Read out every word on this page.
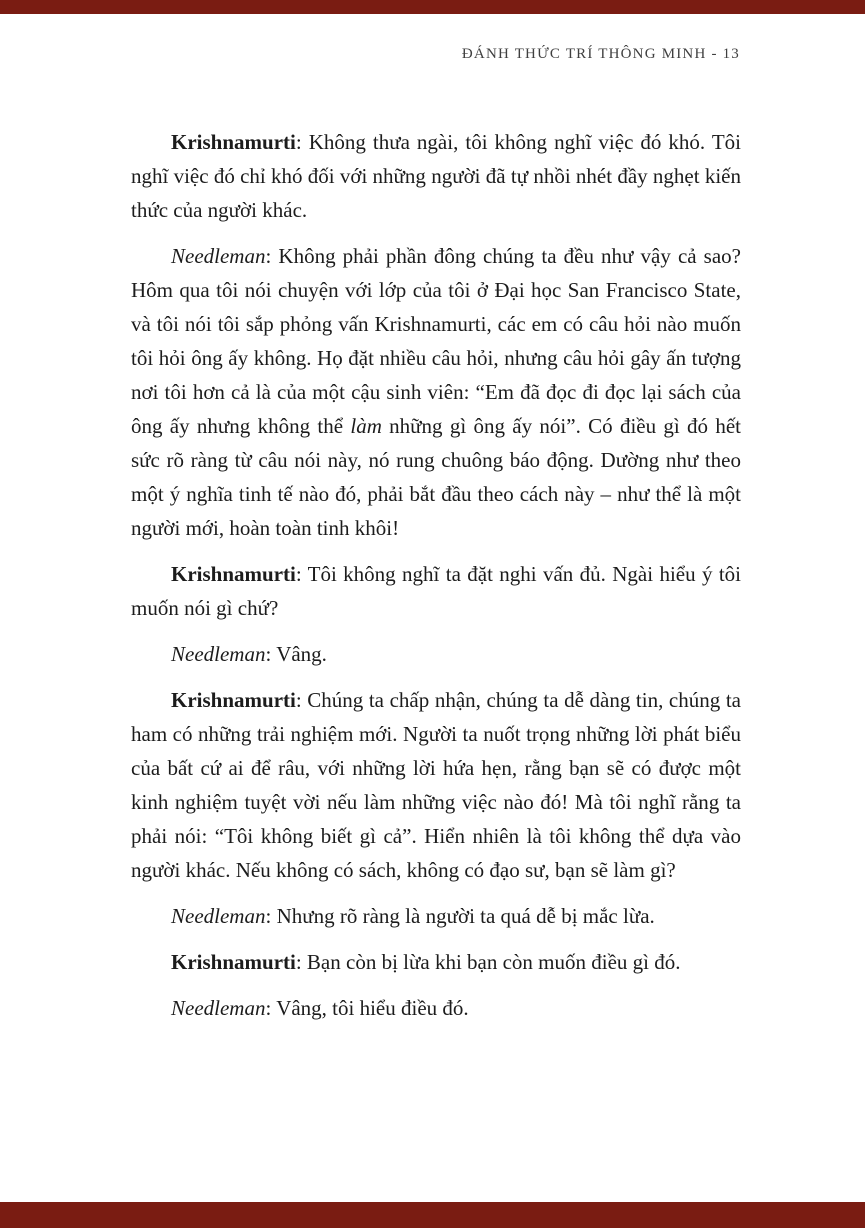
ĐÁNH THỨC TRÍ THÔNG MINH - 13

Krishnamurti: Không thưa ngài, tôi không nghĩ việc đó khó. Tôi nghĩ việc đó chỉ khó đối với những người đã tự nhồi nhét đầy nghẹt kiến thức của người khác.

Needleman: Không phải phần đông chúng ta đều như vậy cả sao? Hôm qua tôi nói chuyện với lớp của tôi ở Đại học San Francisco State, và tôi nói tôi sắp phỏng vấn Krishnamurti, các em có câu hỏi nào muốn tôi hỏi ông ấy không. Họ đặt nhiều câu hỏi, nhưng câu hỏi gây ấn tượng nơi tôi hơn cả là của một cậu sinh viên: “Em đã đọc đi đọc lại sách của ông ấy nhưng không thể làm những gì ông ấy nói”. Có điều gì đó hết sức rõ ràng từ câu nói này, nó rung chuông báo động. Dường như theo một ý nghĩa tinh tế nào đó, phải bắt đầu theo cách này – như thể là một người mới, hoàn toàn tinh khôi!

Krishnamurti: Tôi không nghĩ ta đặt nghi vấn đủ. Ngài hiểu ý tôi muốn nói gì chứ?

Needleman: Vâng.

Krishnamurti: Chúng ta chấp nhận, chúng ta dễ dàng tin, chúng ta ham có những trải nghiệm mới. Người ta nuốt trọng những lời phát biểu của bất cứ ai để râu, với những lời hứa hẹn, rằng bạn sẽ có được một kinh nghiệm tuyệt vời nếu làm những việc nào đó! Mà tôi nghĩ rằng ta phải nói: “Tôi không biết gì cả”. Hiển nhiên là tôi không thể dựa vào người khác. Nếu không có sách, không có đạo sư, bạn sẽ làm gì?

Needleman: Nhưng rõ ràng là người ta quá dễ bị mắc lừa.

Krishnamurti: Bạn còn bị lừa khi bạn còn muốn điều gì đó.

Needleman: Vâng, tôi hiểu điều đó.
